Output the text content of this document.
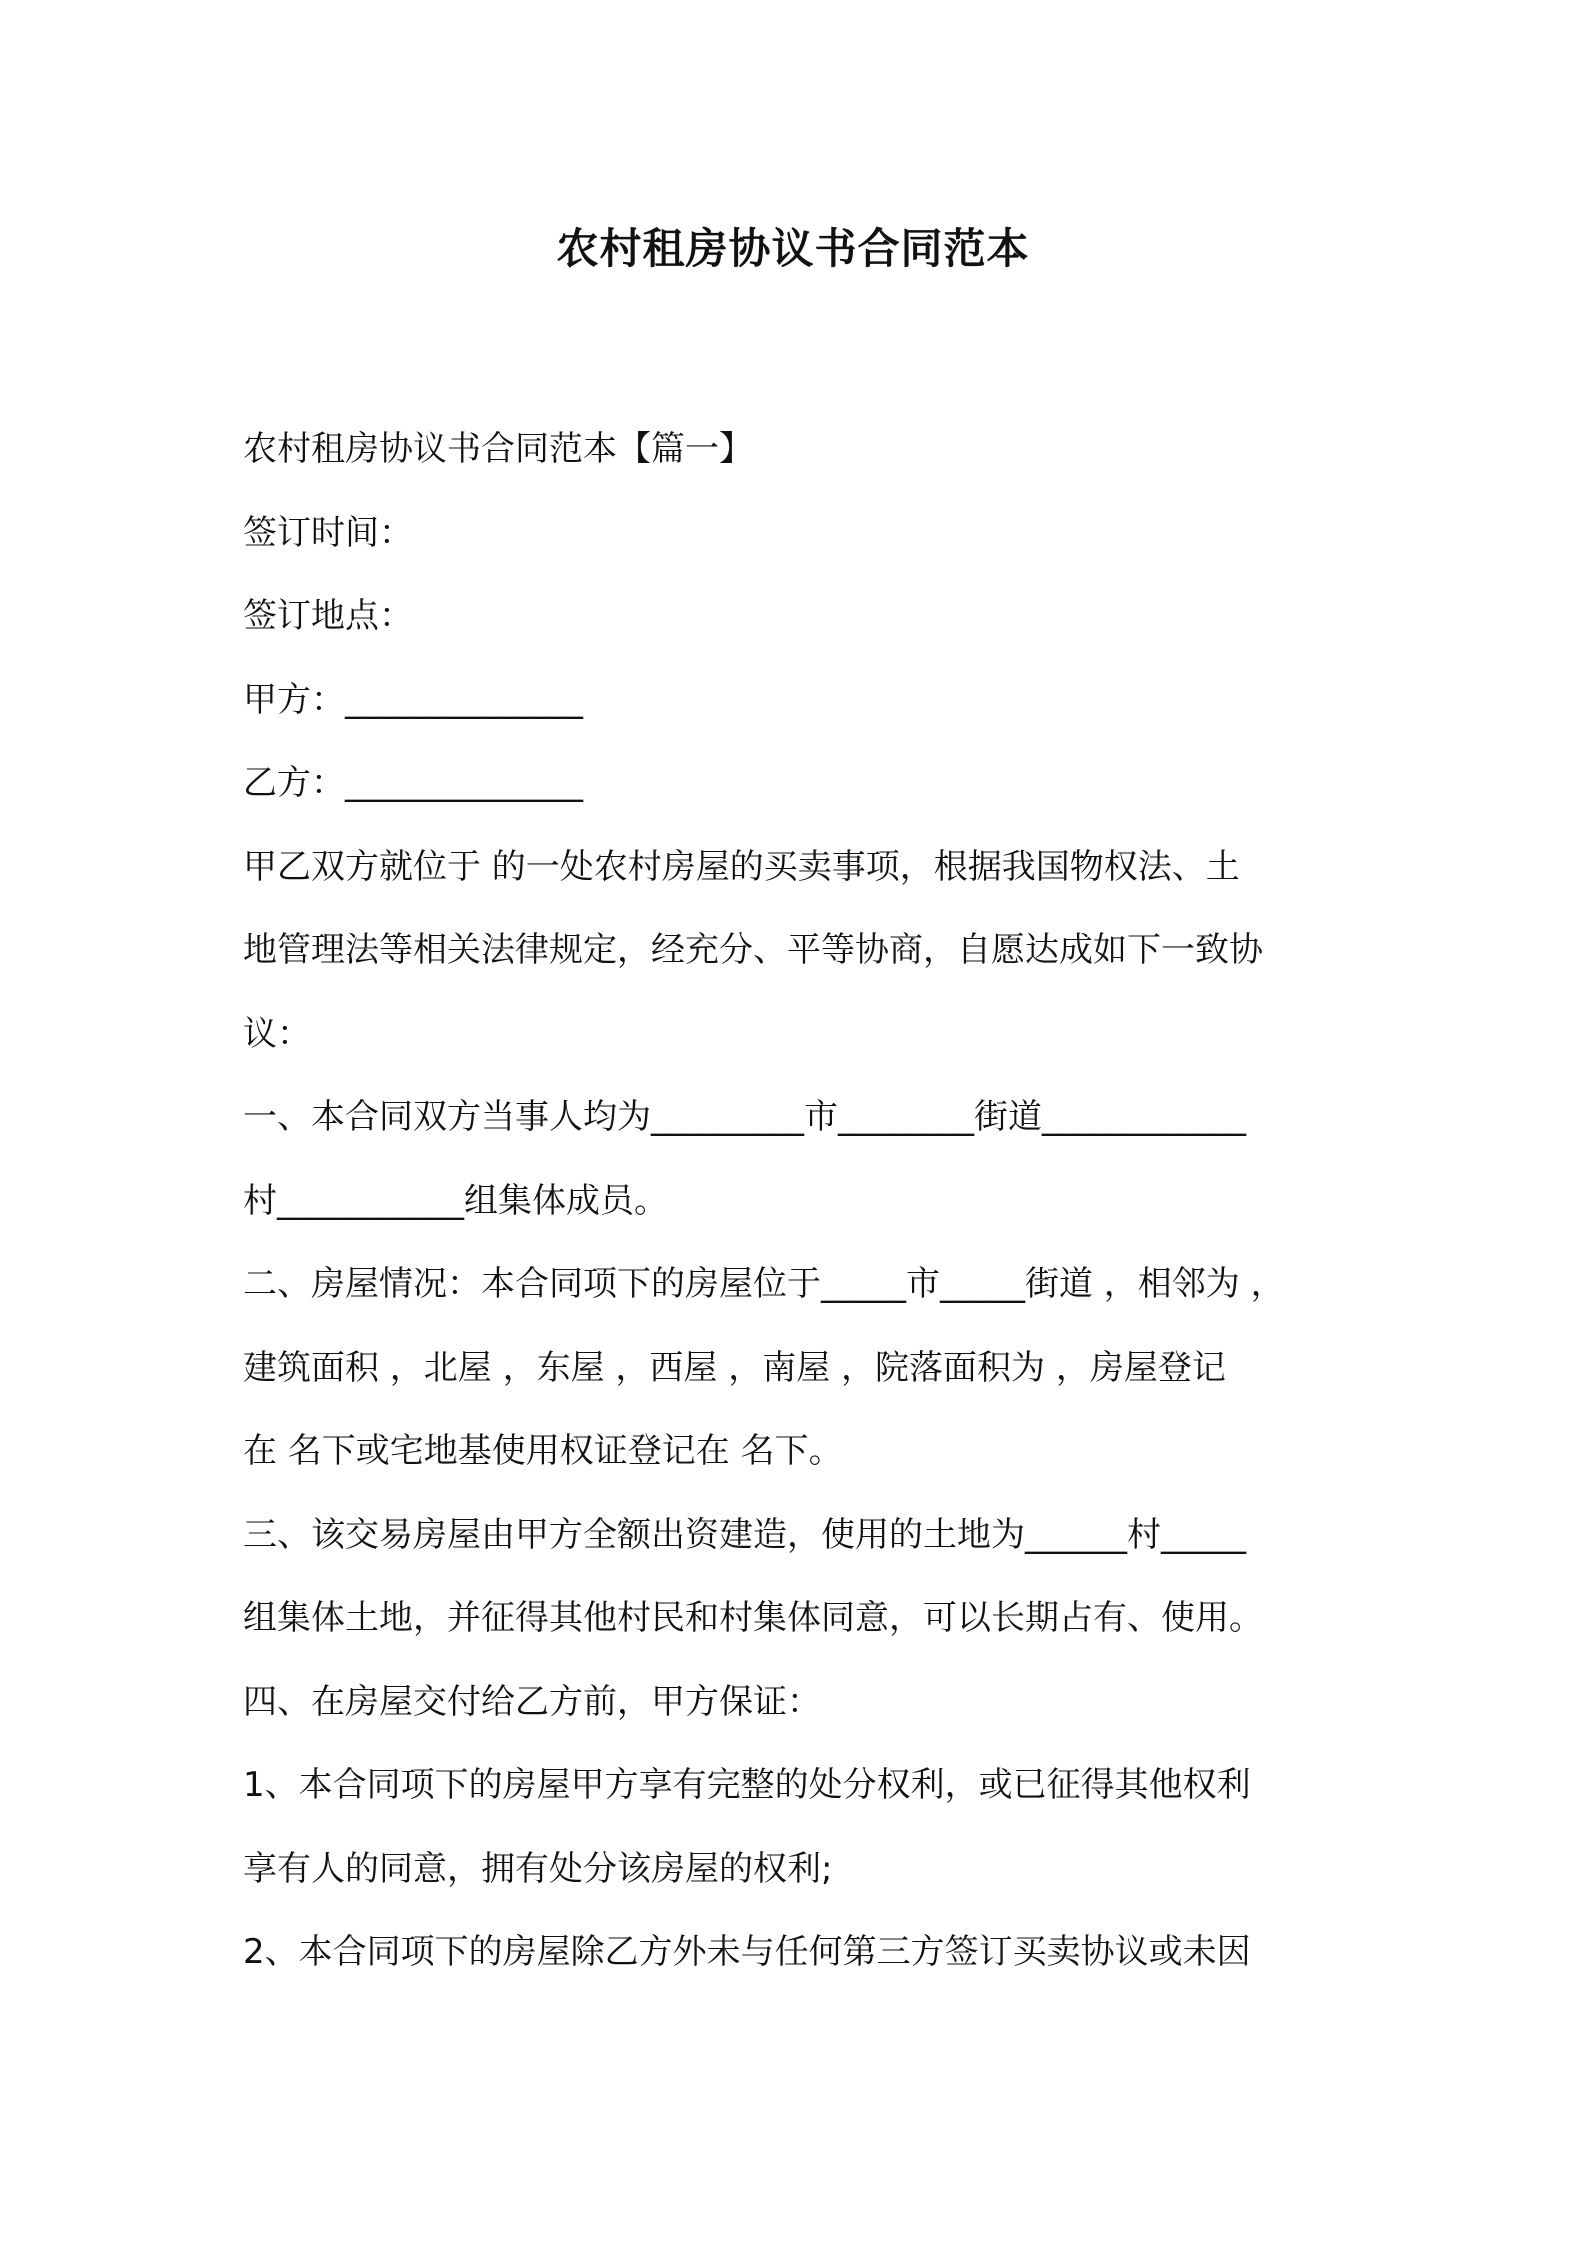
农村租房协议书合同范本
农村租房协议书合同范本【篇一】
签订时间：
签订地点：
甲方：______________
乙方：______________
甲乙双方就位于 的一处农村房屋的买卖事项，根据我国物权法、土
地管理法等相关法律规定，经充分、平等协商，自愿达成如下一致协
议：
一、本合同双方当事人均为_________市________街道____________
村___________组集体成员。
二、房屋情况：本合同项下的房屋位于_____市_____街道 ，相邻为 ，
建筑面积 ，北屋 ，东屋 ，西屋 ，南屋 ，院落面积为 ，房屋登记
在 名下或宅地基使用权证登记在 名下。
三、该交易房屋由甲方全额出资建造，使用的土地为______村_____
组集体土地，并征得其他村民和村集体同意，可以长期占有、使用。
四、在房屋交付给乙方前，甲方保证：
1、本合同项下的房屋甲方享有完整的处分权利，或已征得其他权利
享有人的同意，拥有处分该房屋的权利;
2、本合同项下的房屋除乙方外未与任何第三方签订买卖协议或未因
